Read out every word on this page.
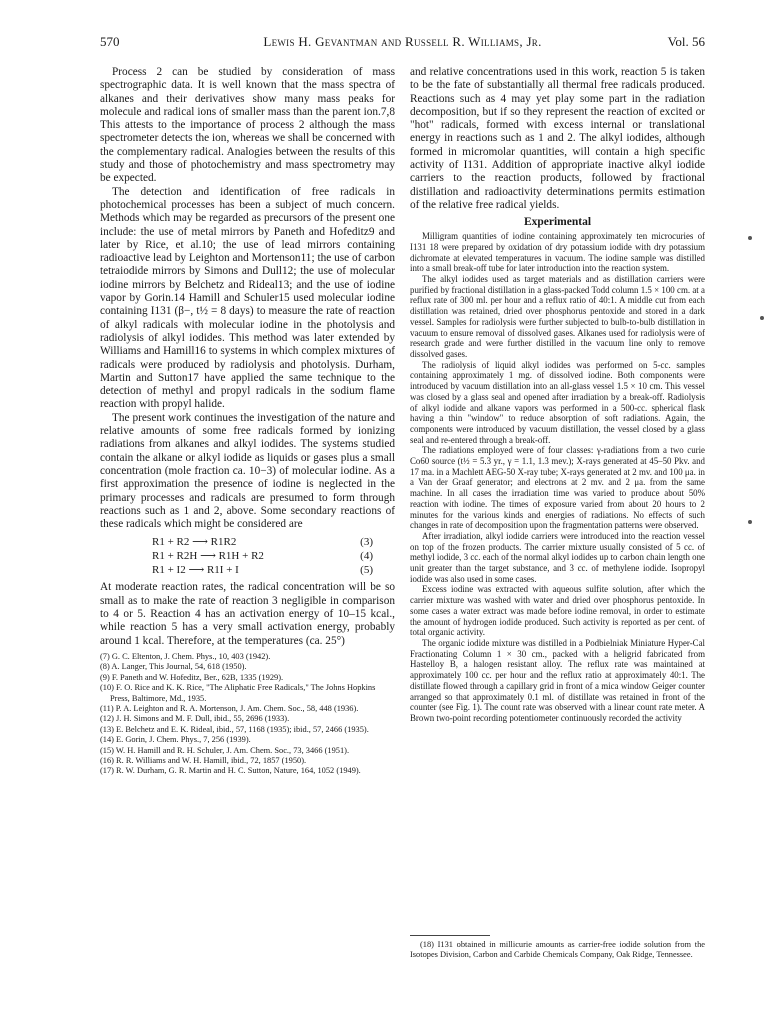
570	Lewis H. Gevantman and Russell R. Williams, Jr.	Vol. 56

Process 2 can be studied by consideration of mass spectrographic data. It is well known that the mass spectra of alkanes and their derivatives show many mass peaks for molecule and radical ions of smaller mass than the parent ion.7,8 This attests to the importance of process 2 although the mass spectrometer detects the ion, whereas we shall be concerned with the complementary radical. Analogies between the results of this study and those of photochemistry and mass spectrometry may be expected.

The detection and identification of free radicals in photochemical processes has been a subject of much concern. Methods which may be regarded as precursors of the present one include: the use of metal mirrors by Paneth and Hofeditz9 and later by Rice, et al.10; the use of lead mirrors containing radioactive lead by Leighton and Mortenson11; the use of carbon tetraiodide mirrors by Simons and Dull12; the use of molecular iodine mirrors by Belchetz and Rideal13; and the use of iodine vapor by Gorin.14 Hamill and Schuler15 used molecular iodine containing I131 (β−, t½ = 8 days) to measure the rate of reaction of alkyl radicals with molecular iodine in the photolysis and radiolysis of alkyl iodides. This method was later extended by Williams and Hamill16 to systems in which complex mixtures of radicals were produced by radiolysis and photolysis. Durham, Martin and Sutton17 have applied the same technique to the detection of methyl and propyl radicals in the sodium flame reaction with propyl halide.

The present work continues the investigation of the nature and relative amounts of some free radicals formed by ionizing radiations from alkanes and alkyl iodides. The systems studied contain the alkane or alkyl iodide as liquids or gases plus a small concentration (mole fraction ca. 10−3) of molecular iodine. As a first approximation the presence of iodine is neglected in the primary processes and radicals are presumed to form through reactions such as 1 and 2, above. Some secondary reactions of these radicals which might be considered are

R1 + R2 ⟶ R1R2	(3)
R1 + R2H ⟶ R1H + R2	(4)
R1 + I2 ⟶ R1I + I	(5)

At moderate reaction rates, the radical concentration will be so small as to make the rate of reaction 3 negligible in comparison to 4 or 5. Reaction 4 has an activation energy of 10–15 kcal., while reaction 5 has a very small activation energy, probably around 1 kcal. Therefore, at the temperatures (ca. 25°)

(7) G. C. Eltenton, J. Chem. Phys., 10, 403 (1942).

(8) A. Langer, This Journal, 54, 618 (1950).

(9) F. Paneth and W. Hofeditz, Ber., 62B, 1335 (1929).

(10) F. O. Rice and K. K. Rice, "The Aliphatic Free Radicals," The Johns Hopkins Press, Baltimore, Md., 1935.

(11) P. A. Leighton and R. A. Mortenson, J. Am. Chem. Soc., 58, 448 (1936).

(12) J. H. Simons and M. F. Dull, ibid., 55, 2696 (1933).

(13) E. Belchetz and E. K. Rideal, ibid., 57, 1168 (1935); ibid., 57, 2466 (1935).

(14) E. Gorin, J. Chem. Phys., 7, 256 (1939).

(15) W. H. Hamill and R. H. Schuler, J. Am. Chem. Soc., 73, 3466 (1951).

(16) R. R. Williams and W. H. Hamill, ibid., 72, 1857 (1950).

(17) R. W. Durham, G. R. Martin and H. C. Sutton, Nature, 164, 1052 (1949).

and relative concentrations used in this work, reaction 5 is taken to be the fate of substantially all thermal free radicals produced. Reactions such as 4 may yet play some part in the radiation decomposition, but if so they represent the reaction of excited or "hot" radicals, formed with excess internal or translational energy in reactions such as 1 and 2. The alkyl iodides, although formed in micromolar quantities, will contain a high specific activity of I131. Addition of appropriate inactive alkyl iodide carriers to the reaction products, followed by fractional distillation and radioactivity determinations permits estimation of the relative free radical yields.

Experimental

Milligram quantities of iodine containing approximately ten microcuries of I131 18 were prepared by oxidation of dry potassium iodide with dry potassium dichromate at elevated temperatures in vacuum. The iodine sample was distilled into a small break-off tube for later introduction into the reaction system.

The alkyl iodides used as target materials and as distillation carriers were purified by fractional distillation in a glass-packed Todd column 1.5 × 100 cm. at a reflux rate of 300 ml. per hour and a reflux ratio of 40:1. A middle cut from each distillation was retained, dried over phosphorus pentoxide and stored in a dark vessel. Samples for radiolysis were further subjected to bulb-to-bulb distillation in vacuum to ensure removal of dissolved gases. Alkanes used for radiolysis were of research grade and were further distilled in the vacuum line only to remove dissolved gases.

The radiolysis of liquid alkyl iodides was performed on 5-cc. samples containing approximately 1 mg. of dissolved iodine. Both components were introduced by vacuum distillation into an all-glass vessel 1.5 × 10 cm. This vessel was closed by a glass seal and opened after irradiation by a break-off. Radiolysis of alkyl iodide and alkane vapors was performed in a 500-cc. spherical flask having a thin "window" to reduce absorption of soft radiations. Again, the components were introduced by vacuum distillation, the vessel closed by a glass seal and re-entered through a break-off.

The radiations employed were of four classes: γ-radiations from a two curie Co60 source (t½ = 5.3 yr., γ = 1.1, 1.3 mev.); X-rays generated at 45–50 Pkv. and 17 ma. in a Machlett AEG-50 X-ray tube; X-rays generated at 2 mv. and 100 μa. in a Van der Graaf generator; and electrons at 2 mv. and 2 μa. from the same machine. In all cases the irradiation time was varied to produce about 50% reaction with iodine. The times of exposure varied from about 20 hours to 2 minutes for the various kinds and energies of radiations. No effects of such changes in rate of decomposition upon the fragmentation patterns were observed.

After irradiation, alkyl iodide carriers were introduced into the reaction vessel on top of the frozen products. The carrier mixture usually consisted of 5 cc. of methyl iodide, 3 cc. each of the normal alkyl iodides up to carbon chain length one unit greater than the target substance, and 3 cc. of methylene iodide. Isopropyl iodide was also used in some cases.

Excess iodine was extracted with aqueous sulfite solution, after which the carrier mixture was washed with water and dried over phosphorus pentoxide. In some cases a water extract was made before iodine removal, in order to estimate the amount of hydrogen iodide produced. Such activity is reported as per cent. of total organic activity.

The organic iodide mixture was distilled in a Podbielniak Miniature Hyper-Cal Fractionating Column 1 × 30 cm., packed with a heligrid fabricated from Hastelloy B, a halogen resistant alloy. The reflux rate was maintained at approximately 100 cc. per hour and the reflux ratio at approximately 40:1. The distillate flowed through a capillary grid in front of a mica window Geiger counter arranged so that approximately 0.1 ml. of distillate was retained in front of the counter (see Fig. 1). The count rate was observed with a linear count rate meter. A Brown two-point recording potentiometer continuously recorded the activity

(18) I131 obtained in millicurie amounts as carrier-free iodide solution from the Isotopes Division, Carbon and Carbide Chemicals Company, Oak Ridge, Tennessee.
